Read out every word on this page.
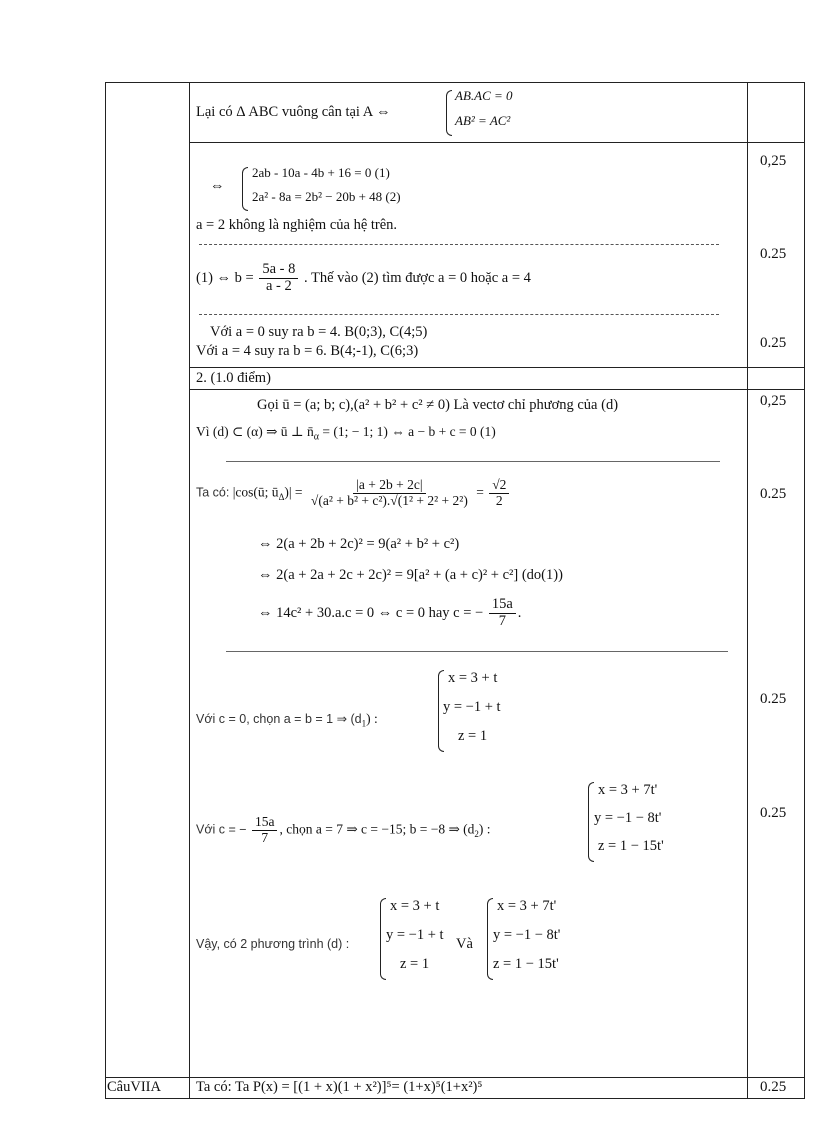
Lại có Δ ABC vuông cân tại A ⇔
AB.AC = 0
AB² = AC²
0,25
⇔
2ab - 10a - 4b + 16 = 0 (1)
2a² - 8a = 2b² − 20b + 48 (2)
a = 2 không là nghiệm của hệ trên.
0.25
(1) ⇔ $b = \frac{5a - 8}{a - 2}$ . Thế vào (2) tìm được a = 0 hoặc a = 4
Với a = 0 suy ra b = 4. B(0;3), C(4;5)
Với a = 4 suy ra b = 6. B(4;-1), C(6;3)	0.25
2. (1.0 điểm)
0,25
Gọi ū = (a; b; c),(a² + b² + c² ≠ 0) Là vectơ chỉ phương của (d)
Vì (d) ⊂ (α) ⇒ ū ⊥ $n̄_\alpha = (1$; − 1; 1) ⇔ a − b + c = 0 (1)
0.25
Ta có: |cos(ū; $ū_\Delta)| = \frac{|a + 2b + 2c|}{\text{√(a² + b² + c²).√(1² + 2² + 2²)}} = \frac{√2}{2}$
⇔ 2(a + 2b + 2c)² = 9(a² + b² + c²)
⇔ 2(a + 2a + 2c + 2c)² = 9[a² + (a + c)² + c²] (do(1))
⇔ 14c² + 30.a.c = 0 ⇔ c = 0 hay c = − $\frac{15a}{7}$ .
0.25
Với c = 0, chọn a = b = 1 ⇒ $(d_1)$ :
x = 3 + t
y = −1 + t
z = 1
0.25
Với c = − $\frac{15a}{7}$ , chọn a = 7 ⇒ c = −15; b = −8 ⇒ $(d_2)$ :
x = 3 + 7t'
y = −1 − 8t'
z = 1 − 15t'
Vậy, có 2 phương trình (d) :
x = 3 + t
y = −1 + t
z = 1
Và
x = 3 + 7t'
y = −1 − 8t'
z = 1 − 15t'
CâuVIIA Ta có: Ta P(x) = [(1 + x)(1 + x²)]⁵= (1+x)⁵(1+x²)⁵	0.25
